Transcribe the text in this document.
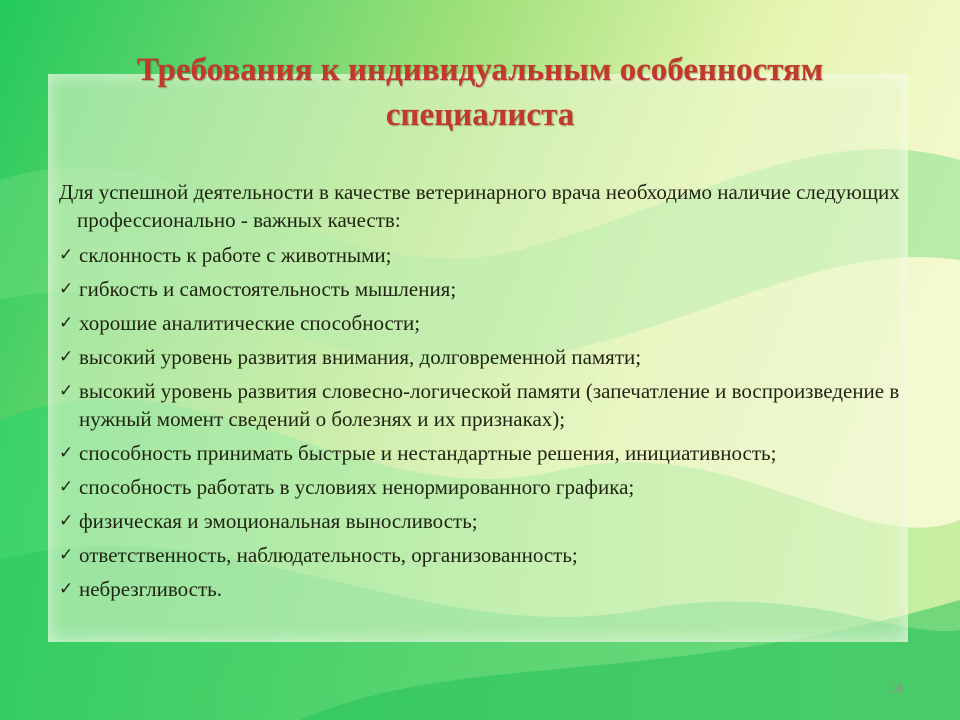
Требования к индивидуальным особенностям
специалиста

Для успешной деятельности в качестве ветеринарного врача необходимо наличие следующих профессионально - важных качеств:

✓ склонность к работе с животными;
✓ гибкость и самостоятельность мышления;
✓ хорошие аналитические способности;
✓ высокий уровень развития внимания, долговременной памяти;
✓ высокий уровень развития словесно-логической памяти (запечатление и воспроизведение в нужный момент сведений о болезнях и их признаках);
✓ способность принимать быстрые и нестандартные решения, инициативность;
✓ способность работать в условиях ненормированного графика;
✓ физическая и эмоциональная выносливость;
✓ ответственность, наблюдательность, организованность;
✓ небрезгливость.
14
